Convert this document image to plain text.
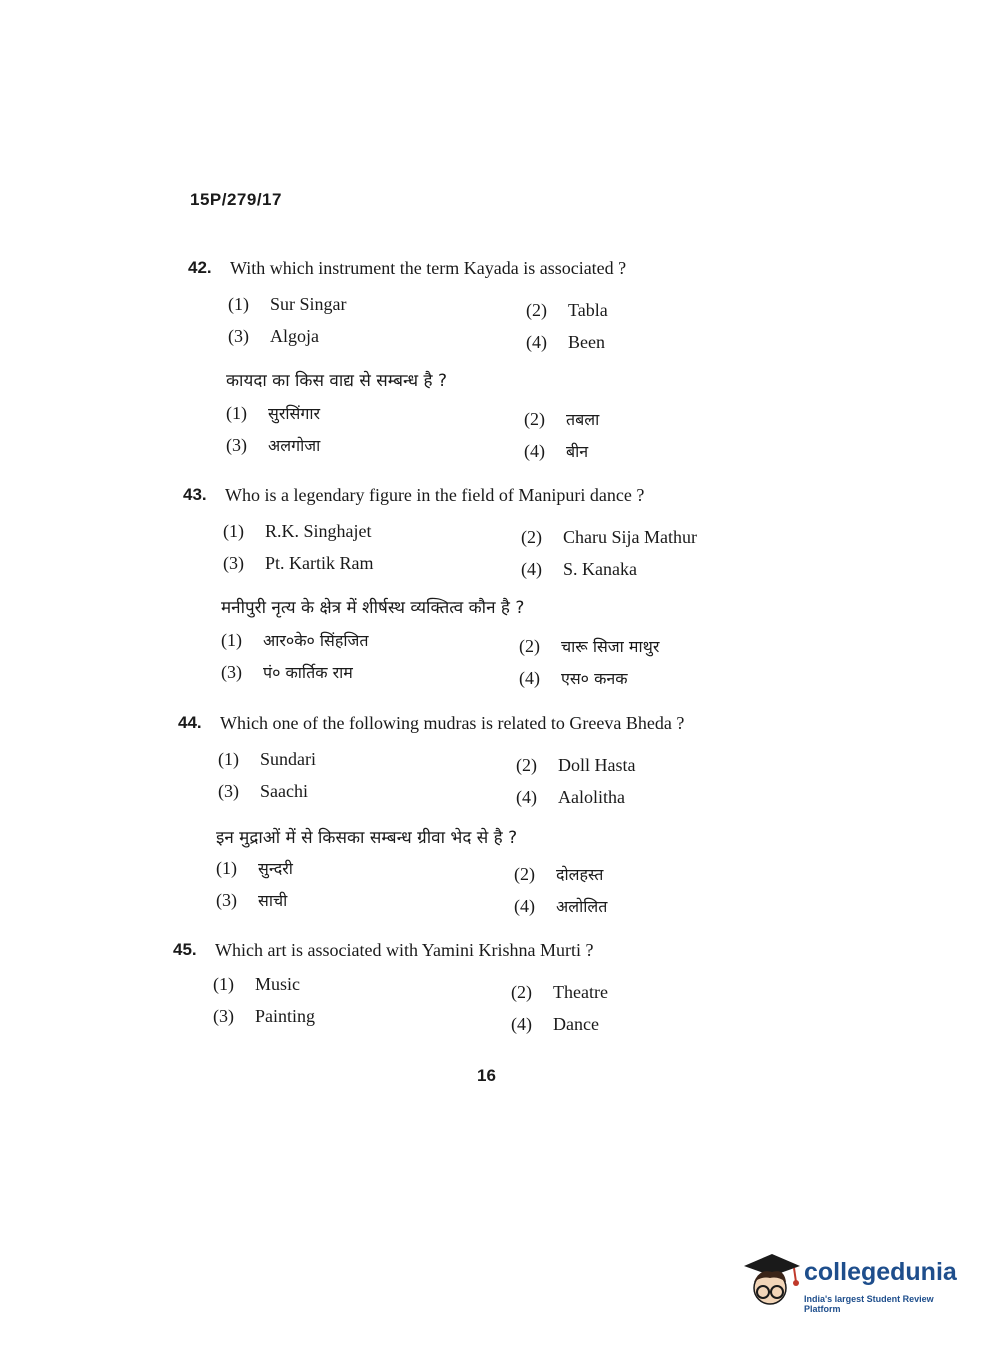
15P/279/17
42. With which instrument the term Kayada is associated ?
(1) Sur Singar	(2) Tabla
(3) Algoja	(4) Been
कायदा का किस वाद्य से सम्बन्ध है ?
(1) सुरसिंगार	(2) तबला
(3) अलगोजा	(4) बीन
43. Who is a legendary figure in the field of Manipuri dance ?
(1) R.K. Singhajet	(2) Charu Sija Mathur
(3) Pt. Kartik Ram	(4) S. Kanaka
मनीपुरी नृत्य के क्षेत्र में शीर्षस्थ व्यक्तित्व कौन है ?
(1) आर०के० सिंहजित	(2) चारू सिजा माथुर
(3) पं० कार्तिक राम	(4) एस० कनक
44. Which one of the following mudras is related to Greeva Bheda ?
(1) Sundari	(2) Doll Hasta
(3) Saachi	(4) Aalolitha
इन मुद्राओं में से किसका सम्बन्ध ग्रीवा भेद से है ?
(1) सुन्दरी	(2) दोलहस्त
(3) साची	(4) अलोलित
45. Which art is associated with Yamini Krishna Murti ?
(1) Music	(2) Theatre
(3) Painting	(4) Dance
16
collegedunia
India's largest Student Review Platform
